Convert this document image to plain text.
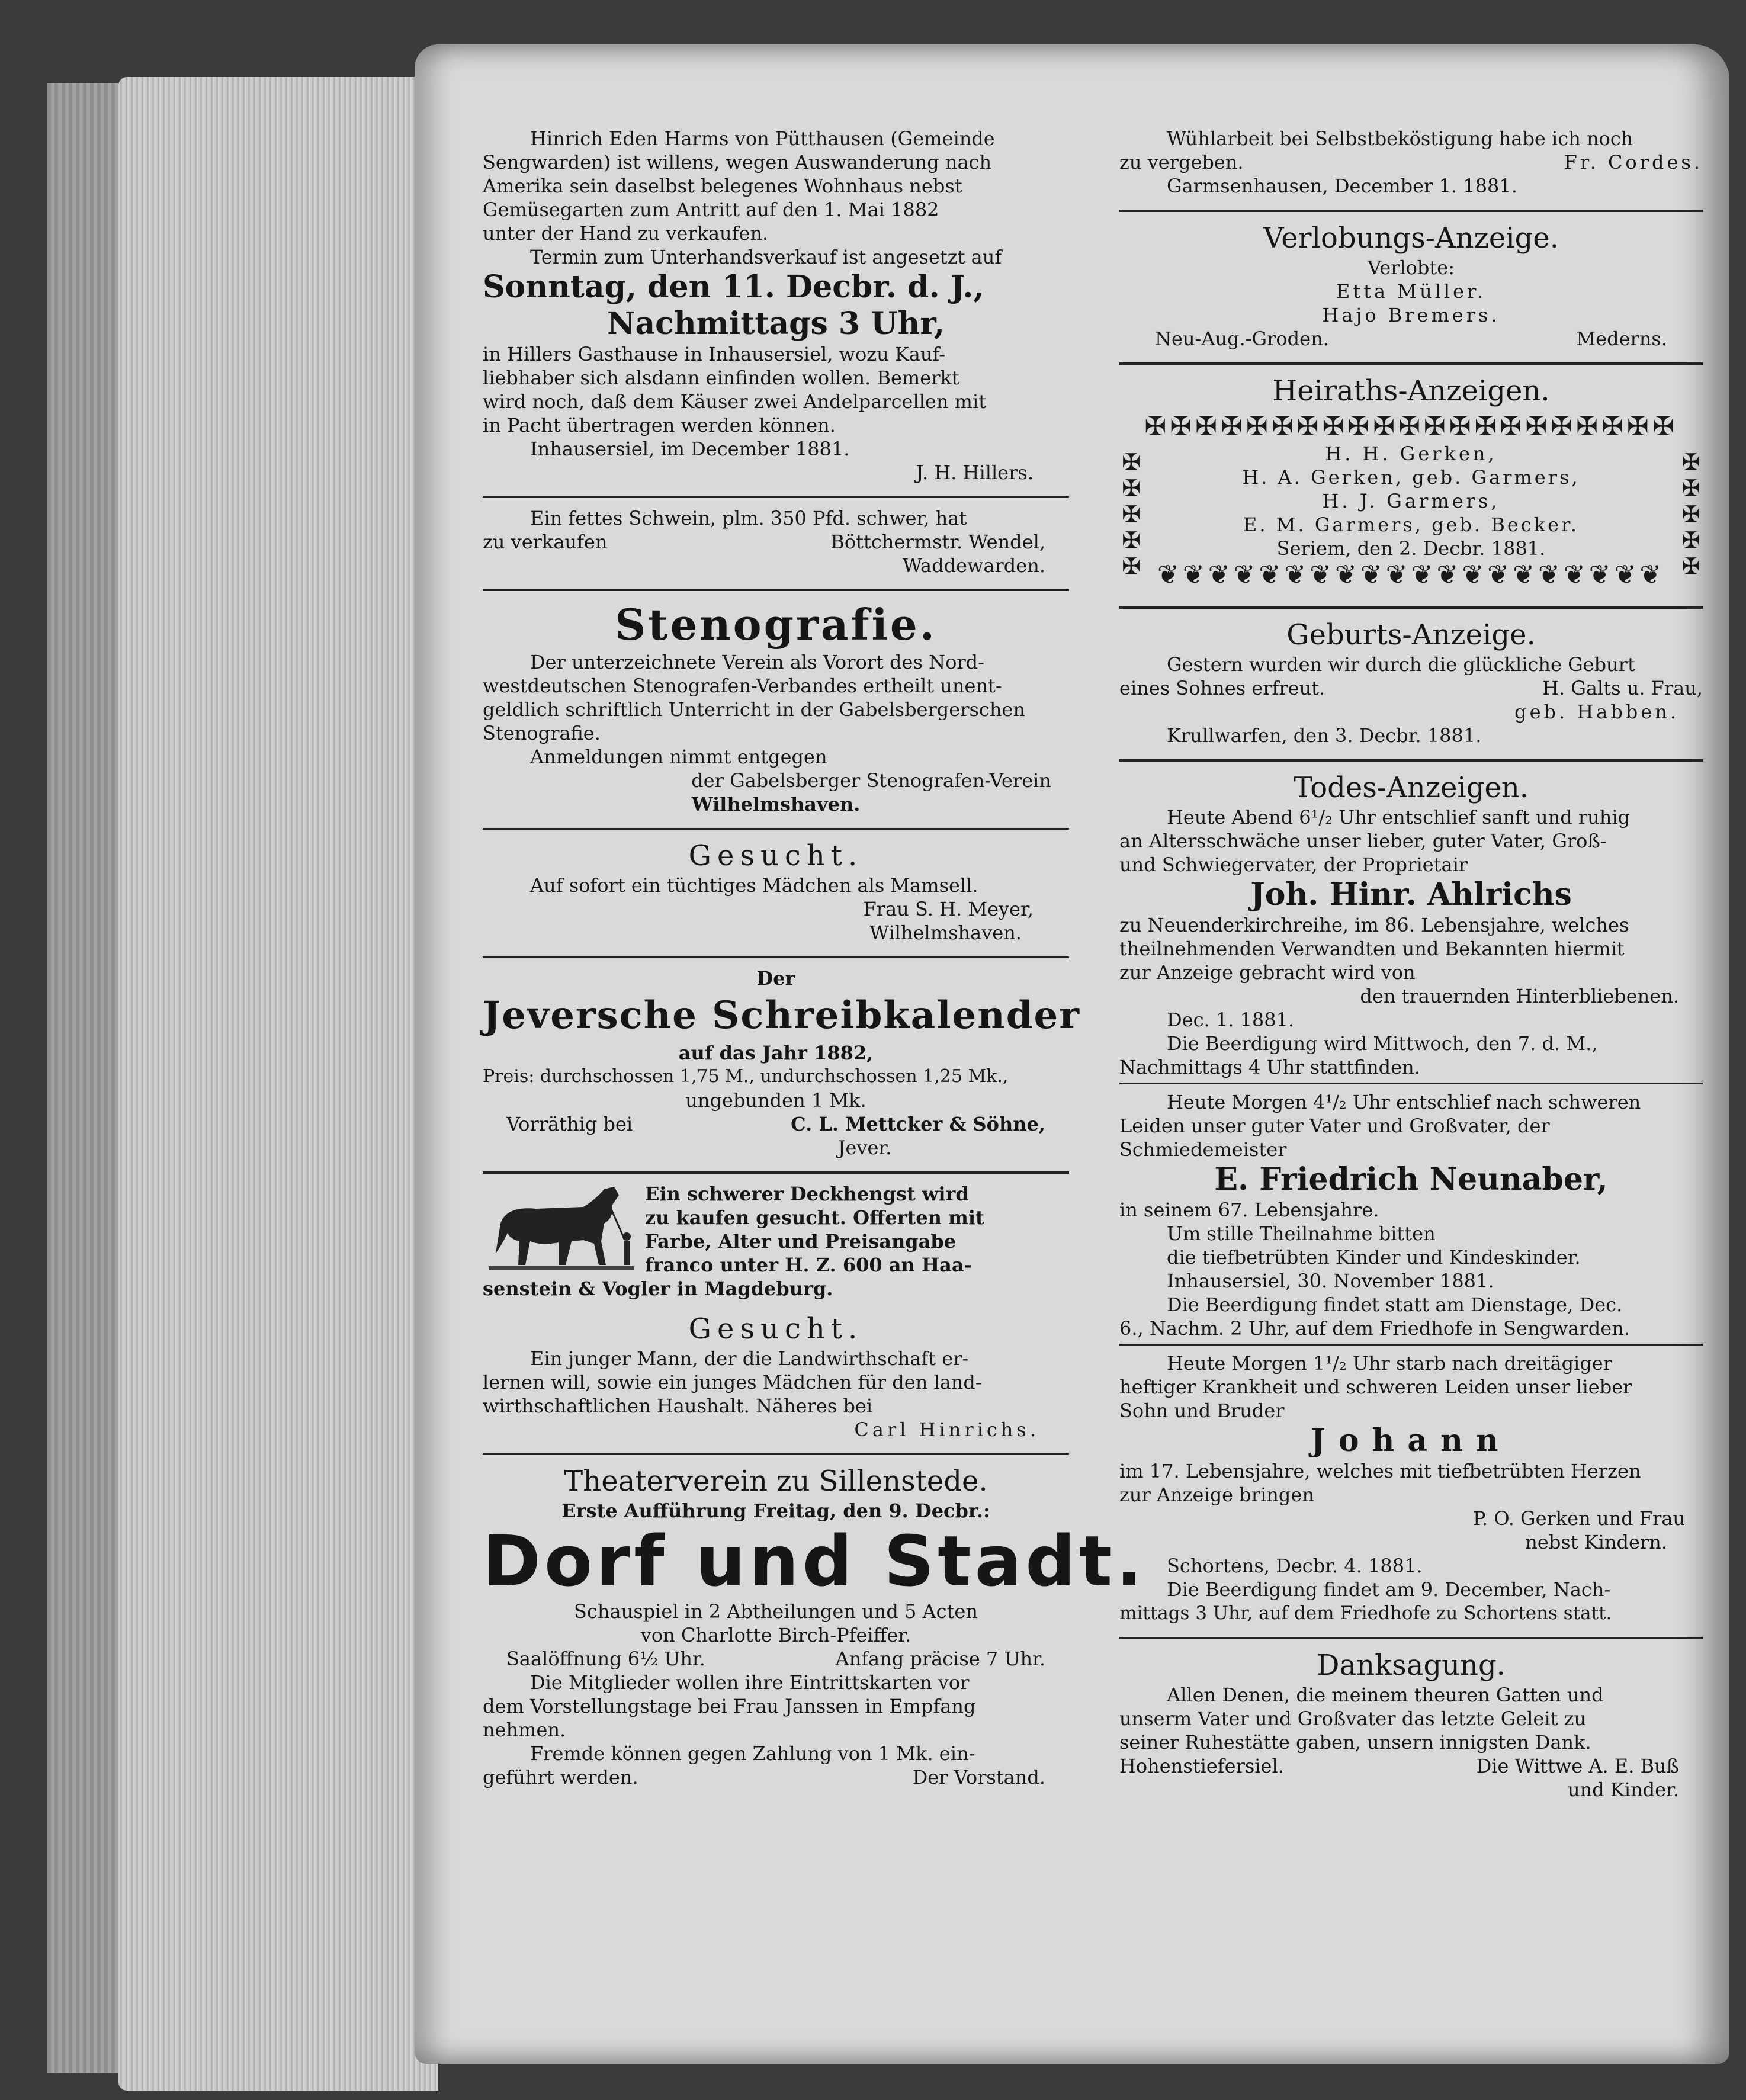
Hinrich Eden Harms von Pütthausen (Gemeinde
Sengwarden) ist willens, wegen Auswanderung nach
Amerika sein daselbst belegenes Wohnhaus nebst
Gemüsegarten zum Antritt auf den 1. Mai 1882
unter der Hand zu verkaufen.
Termin zum Unterhandsverkauf ist angesetzt auf
Sonntag, den 11. Decbr. d. J.,
Nachmittags 3 Uhr,
in Hillers Gasthause in Inhausersiel, wozu Kauf-
liebhaber sich alsdann einfinden wollen. Bemerkt
wird noch, daß dem Käuser zwei Andelparcellen mit
in Pacht übertragen werden können.
Inhausersiel, im December 1881.
J. H. Hillers.
Ein fettes Schwein, plm. 350 Pfd. schwer, hat
zu verkaufen	Böttchermstr. Wendel,
Waddewarden.
Stenografie.
Der unterzeichnete Verein als Vorort des Nord-
westdeutschen Stenografen-Verbandes ertheilt unent-
geldlich schriftlich Unterricht in der Gabelsbergerschen
Stenografie.
Anmeldungen nimmt entgegen
der Gabelsberger Stenografen-Verein
Wilhelmshaven.
Gesucht.
Auf sofort ein tüchtiges Mädchen als Mamsell.
Frau S. H. Meyer,
Wilhelmshaven.
Der
Jeversche Schreibkalender
auf das Jahr 1882,
Preis: durchschossen 1,75 M., undurchschossen 1,25 Mk.,
ungebunden 1 Mk.
Vorräthig bei	C. L. Mettcker & Söhne,
Jever.
Ein schwerer Deckhengst wird
zu kaufen gesucht. Offerten mit
Farbe, Alter und Preisangabe
franco unter H. Z. 600 an Haa-
senstein & Vogler in Magdeburg.
Gesucht.
Ein junger Mann, der die Landwirthschaft er-
lernen will, sowie ein junges Mädchen für den land-
wirthschaftlichen Haushalt. Näheres bei
Carl Hinrichs.
Theaterverein zu Sillenstede.
Erste Aufführung Freitag, den 9. Decbr.:
Dorf und Stadt.
Schauspiel in 2 Abtheilungen und 5 Acten
von Charlotte Birch-Pfeiffer.
Saalöffnung 6½ Uhr.	Anfang präcise 7 Uhr.
Die Mitglieder wollen ihre Eintrittskarten vor
dem Vorstellungstage bei Frau Janssen in Empfang
nehmen.
Fremde können gegen Zahlung von 1 Mk. ein-
geführt werden.	Der Vorstand.
Wühlarbeit bei Selbstbeköstigung habe ich noch
zu vergeben.	Fr. Cordes.
Garmsenhausen, December 1. 1881.
Verlobungs-Anzeige.
Verlobte:
Etta Müller.
Hajo Bremers.
Neu-Aug.-Groden.	Mederns.
Heiraths-Anzeigen.
✠✠✠✠✠✠✠✠✠✠✠✠✠✠✠✠✠✠✠✠✠
✠
✠
✠
✠
✠
✠
✠
✠
✠
✠
H. H. Gerken,
H. A. Gerken, geb. Garmers,
H. J. Garmers,
E. M. Garmers, geb. Becker.
Seriem, den 2. Decbr. 1881.
❦❦❦❦❦❦❦❦❦❦❦❦❦❦❦❦❦❦❦❦
Geburts-Anzeige.
Gestern wurden wir durch die glückliche Geburt
eines Sohnes erfreut.	H. Galts u. Frau,
geb. Habben.
Krullwarfen, den 3. Decbr. 1881.
Todes-Anzeigen.
Heute Abend 6¹/₂ Uhr entschlief sanft und ruhig
an Altersschwäche unser lieber, guter Vater, Groß-
und Schwiegervater, der Proprietair
Joh. Hinr. Ahlrichs
zu Neuenderkirchreihe, im 86. Lebensjahre, welches
theilnehmenden Verwandten und Bekannten hiermit
zur Anzeige gebracht wird von
den trauernden Hinterbliebenen.
Dec. 1. 1881.
Die Beerdigung wird Mittwoch, den 7. d. M.,
Nachmittags 4 Uhr stattfinden.
Heute Morgen 4¹/₂ Uhr entschlief nach schweren
Leiden unser guter Vater und Großvater, der
Schmiedemeister
E. Friedrich Neunaber,
in seinem 67. Lebensjahre.
Um stille Theilnahme bitten
die tiefbetrübten Kinder und Kindeskinder.
Inhausersiel, 30. November 1881.
Die Beerdigung findet statt am Dienstage, Dec.
6., Nachm. 2 Uhr, auf dem Friedhofe in Sengwarden.
Heute Morgen 1¹/₂ Uhr starb nach dreitägiger
heftiger Krankheit und schweren Leiden unser lieber
Sohn und Bruder
Johann
im 17. Lebensjahre, welches mit tiefbetrübten Herzen
zur Anzeige bringen
P. O. Gerken und Frau
nebst Kindern.
Schortens, Decbr. 4. 1881.
Die Beerdigung findet am 9. December, Nach-
mittags 3 Uhr, auf dem Friedhofe zu Schortens statt.
Danksagung.
Allen Denen, die meinem theuren Gatten und
unserm Vater und Großvater das letzte Geleit zu
seiner Ruhestätte gaben, unsern innigsten Dank.
Hohenstiefersiel.	Die Wittwe A. E. Buß
und Kinder.
